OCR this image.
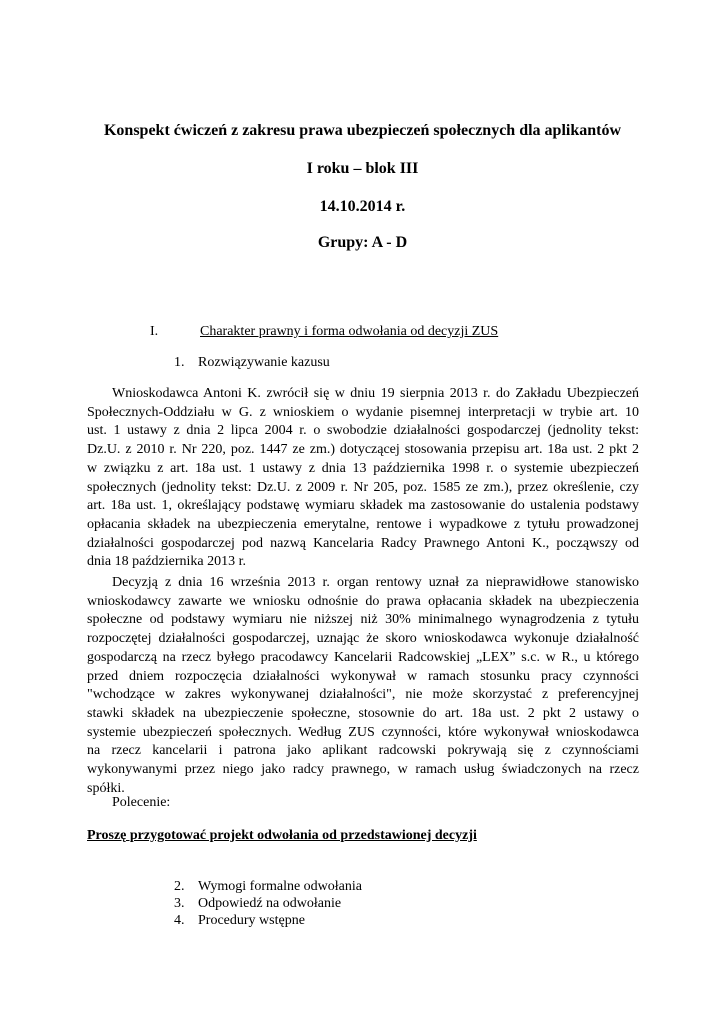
Konspekt ćwiczeń z zakresu prawa ubezpieczeń społecznych dla aplikantów
I roku – blok III
14.10.2014 r.
Grupy: A - D
I.	Charakter prawny i forma odwołania od decyzji ZUS
1. Rozwiązywanie kazusu
Wnioskodawca Antoni K. zwrócił się w dniu 19 sierpnia 2013 r. do Zakładu Ubezpieczeń
Społecznych-Oddziału w G. z wnioskiem o wydanie pisemnej interpretacji w trybie art. 10
ust. 1 ustawy z dnia 2 lipca 2004 r. o swobodzie działalności gospodarczej (jednolity tekst:
Dz.U. z 2010 r. Nr 220, poz. 1447 ze zm.) dotyczącej stosowania przepisu art. 18a ust. 2 pkt 2
w związku z art. 18a ust. 1 ustawy z dnia 13 października 1998 r. o systemie ubezpieczeń
społecznych (jednolity tekst: Dz.U. z 2009 r. Nr 205, poz. 1585 ze zm.), przez określenie, czy
art. 18a ust. 1, określający podstawę wymiaru składek ma zastosowanie do ustalenia podstawy
opłacania składek na ubezpieczenia emerytalne, rentowe i wypadkowe z tytułu prowadzonej
działalności gospodarczej pod nazwą Kancelaria Radcy Prawnego Antoni K., począwszy od
dnia 18 października 2013 r.
Decyzją z dnia 16 września 2013 r. organ rentowy uznał za nieprawidłowe stanowisko
wnioskodawcy zawarte we wniosku odnośnie do prawa opłacania składek na ubezpieczenia
społeczne od podstawy wymiaru nie niższej niż 30% minimalnego wynagrodzenia z tytułu
rozpoczętej działalności gospodarczej, uznając że skoro wnioskodawca wykonuje działalność
gospodarczą na rzecz byłego pracodawcy Kancelarii Radcowskiej „LEX” s.c. w R., u którego
przed dniem rozpoczęcia działalności wykonywał w ramach stosunku pracy czynności
"wchodzące w zakres wykonywanej działalności", nie może skorzystać z preferencyjnej
stawki składek na ubezpieczenie społeczne, stosownie do art. 18a ust. 2 pkt 2 ustawy o
systemie ubezpieczeń społecznych. Według ZUS czynności, które wykonywał wnioskodawca
na rzecz kancelarii i patrona jako aplikant radcowski pokrywają się z czynnościami
wykonywanymi przez niego jako radcy prawnego, w ramach usług świadczonych na rzecz
spółki.
Polecenie:
Proszę przygotować projekt odwołania od przedstawionej decyzji
2. Wymogi formalne odwołania
3. Odpowiedź na odwołanie
4. Procedury wstępne
